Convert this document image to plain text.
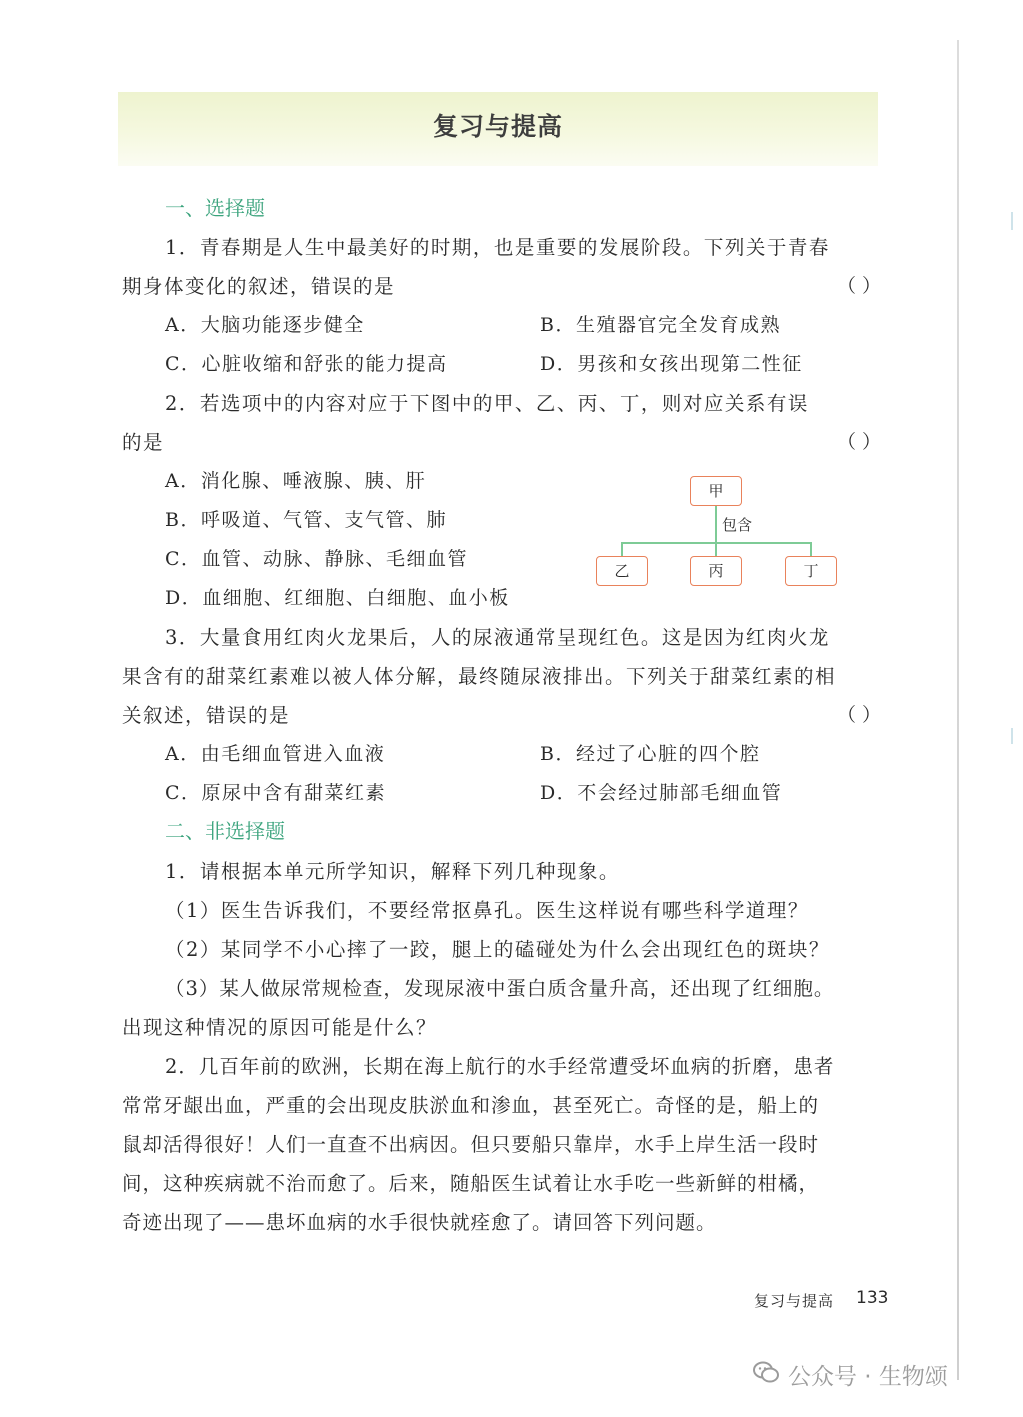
复习与提高
一、选择题
1．青春期是人生中最美好的时期，也是重要的发展阶段。下列关于青春
期身体变化的叙述，错误的是	（ ）
A．大脑功能逐步健全	B．生殖器官完全发育成熟
C．心脏收缩和舒张的能力提高	D．男孩和女孩出现第二性征
2．若选项中的内容对应于下图中的甲、乙、丙、丁，则对应关系有误
的是	（ ）
A．消化腺、唾液腺、胰、肝
B．呼吸道、气管、支气管、肺
C．血管、动脉、静脉、毛细血管
D．血细胞、红细胞、白细胞、血小板
甲
包含
乙	丙	丁
3．大量食用红肉火龙果后，人的尿液通常呈现红色。这是因为红肉火龙
果含有的甜菜红素难以被人体分解，最终随尿液排出。下列关于甜菜红素的相
关叙述，错误的是	（ ）
A．由毛细血管进入血液	B．经过了心脏的四个腔
C．原尿中含有甜菜红素	D．不会经过肺部毛细血管
二、非选择题
1．请根据本单元所学知识，解释下列几种现象。
（1）医生告诉我们，不要经常抠鼻孔。医生这样说有哪些科学道理？
（2）某同学不小心摔了一跤，腿上的磕碰处为什么会出现红色的斑块？
（3）某人做尿常规检查，发现尿液中蛋白质含量升高，还出现了红细胞。
出现这种情况的原因可能是什么？
2．几百年前的欧洲，长期在海上航行的水手经常遭受坏血病的折磨，患者
常常牙龈出血，严重的会出现皮肤淤血和渗血，甚至死亡。奇怪的是，船上的
鼠却活得很好！人们一直查不出病因。但只要船只靠岸，水手上岸生活一段时
间，这种疾病就不治而愈了。后来，随船医生试着让水手吃一些新鲜的柑橘，
奇迹出现了——患坏血病的水手很快就痊愈了。请回答下列问题。
复习与提高 133
公众号 · 生物颂
